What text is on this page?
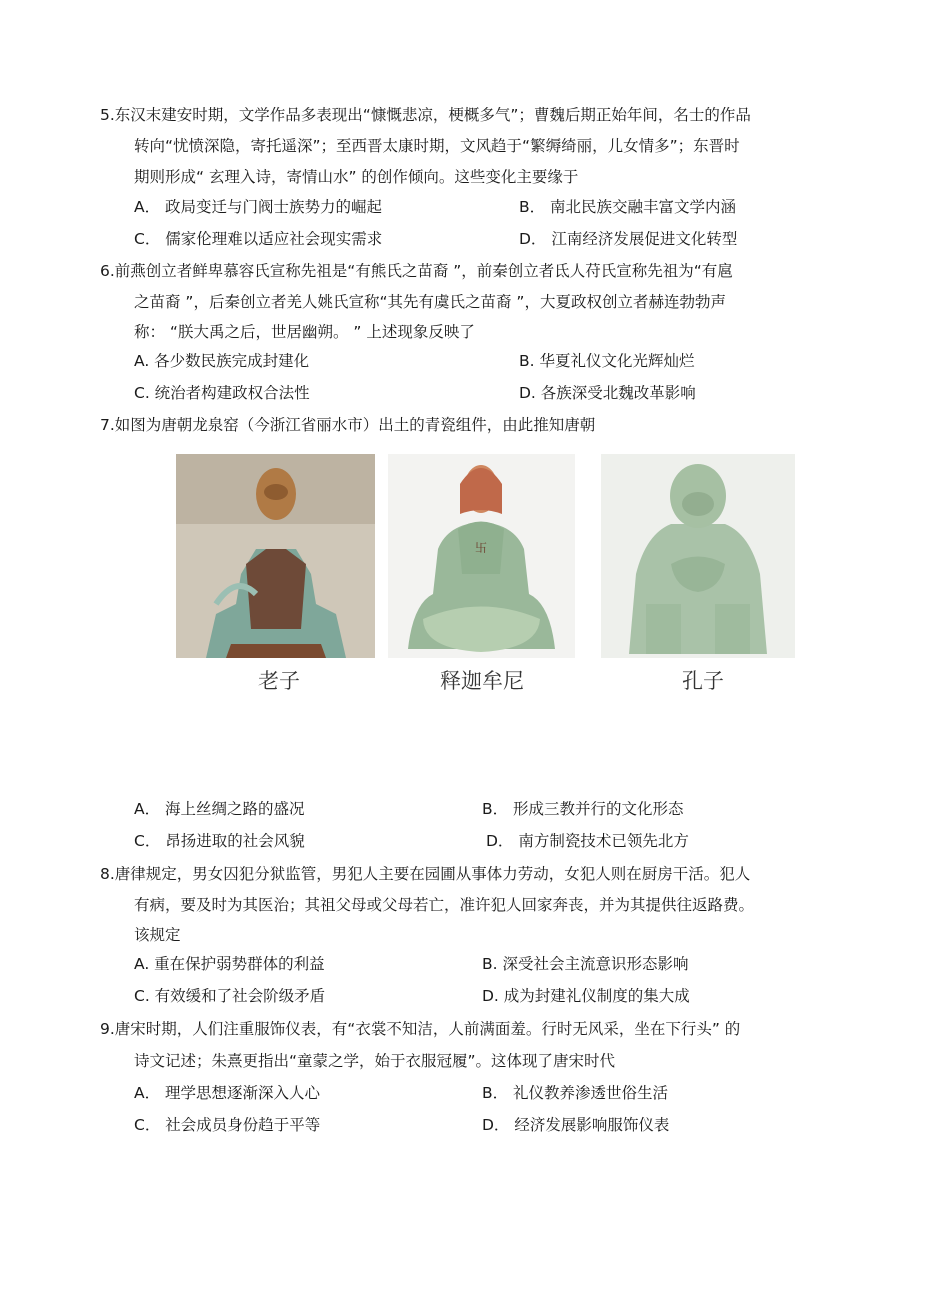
5.东汉末建安时期，文学作品多表现出“慷慨悲凉，梗概多气”；曹魏后期正始年间，名士的作品
转向“忧愤深隐，寄托遥深”；至西晋太康时期，文风趋于“繁缛绮丽，儿女情多”；东晋时
期则形成“ 玄理入诗，寄情山水” 的创作倾向。这些变化主要缘于
A． 政局变迁与门阀士族势力的崛起	B． 南北民族交融丰富文学内涵
C． 儒家伦理难以适应社会现实需求	D． 江南经济发展促进文化转型
6.前燕创立者鲜卑慕容氏宣称先祖是“有熊氏之苗裔 ”，前秦创立者氐人苻氏宣称先祖为“有扈
之苗裔 ”，后秦创立者羌人姚氏宣称“其先有虞氏之苗裔 ”，大夏政权创立者赫连勃勃声
称： “朕大禹之后，世居幽朔。 ” 上述现象反映了
A. 各少数民族完成封建化	B. 华夏礼仪文化光辉灿烂
C. 统治者构建政权合法性	D. 各族深受北魏改革影响
7.如图为唐朝龙泉窑（今浙江省丽水市）出土的青瓷组件，由此推知唐朝
卐
老子	释迦牟尼	孔子
A． 海上丝绸之路的盛况	B． 形成三教并行的文化形态
C． 昂扬进取的社会风貌	D． 南方制瓷技术已领先北方
8.唐律规定，男女囚犯分狱监管，男犯人主要在园圃从事体力劳动，女犯人则在厨房干活。犯人
有病，要及时为其医治；其祖父母或父母若亡，准许犯人回家奔丧，并为其提供往返路费。
该规定
A. 重在保护弱势群体的利益	B. 深受社会主流意识形态影响
C. 有效缓和了社会阶级矛盾	D. 成为封建礼仪制度的集大成
9.唐宋时期，人们注重服饰仪表，有“衣裳不知洁，人前满面羞。行时无风采，坐在下行头” 的
诗文记述；朱熹更指出“童蒙之学，始于衣服冠履”。这体现了唐宋时代
A． 理学思想逐渐深入人心	B． 礼仪教养渗透世俗生活
C． 社会成员身份趋于平等	D． 经济发展影响服饰仪表
